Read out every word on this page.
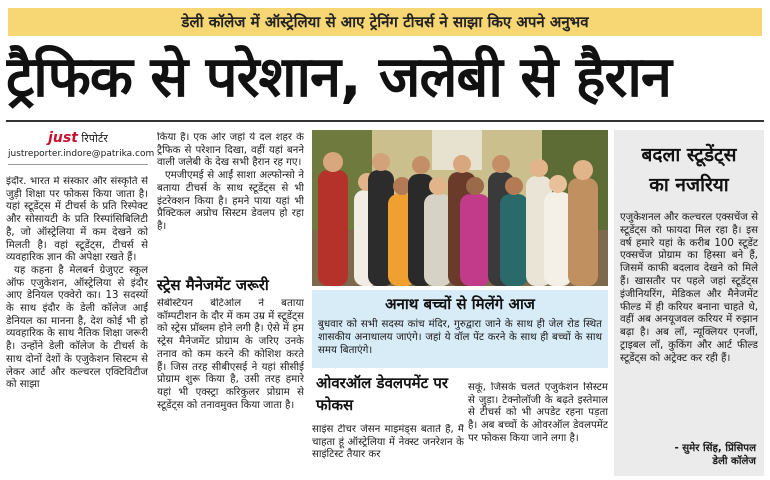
डेली कॉलेज में ऑस्ट्रेलिया से आए ट्रेनिंग टीचर्स ने साझा किए अपने अनुभव
ट्रैफिक से परेशान, जलेबी से हैरान
just रिपोर्टर
justreporter.indore@patrika.com

इंदौर. भारत में संस्कार और संस्कृति से जुड़ी शिक्षा पर फोकस किया जाता है। यहां स्टूडेंट्स में टीचर्स के प्रति रिस्पेक्ट और सोसायटी के प्रति रिस्पांसिबिलिटी है, जो ऑस्ट्रेलिया में कम देखने को मिलती है। वहां स्टूडेंट्स, टीचर्स से व्यवहारिक ज्ञान की अपेक्षा रखते हैं।

यह कहना है मेलबर्न ग्रेजुएट स्कूल ऑफ एजुकेशन, ऑस्ट्रेलिया से इंदौर आए डेनियल एक्वेरो का। 13 सदस्यों के साथ इंदौर के डेली कॉलेज आईं डेनियल का मानना है, देश कोई भी हो व्यवहारिक के साथ नैतिक शिक्षा जरूरी है। उन्होंने डेली कॉलेज के टीचर्स के साथ दोनों देशों के एजुकेशन सिस्टम से लेकर आर्ट और कल्चरल एक्टिविटीज को साझा

किया है। एक ओर जहां ये दल शहर के ट्रैफिक से परेशान दिखा, वहीं यहां बनने वाली जलेबी के देख सभी हैरान रह गए।

एमजीएमई से आईं साशा अल्फोन्सो ने बताया टीचर्स के साथ स्टूडेंट्स से भी इंटरेक्शन किया है। हमने पाया यहां भी प्रैक्टिकल अप्रोच सिस्टम डेवलप हो रहा है।

स्ट्रेस मैनेजमेंट जरूरी

सेबेस्टियन बेटिओल ने बताया कॉम्पटीशन के दौर में कम उम्र में स्टूडेंट्स को स्ट्रेस प्रॉब्लम होने लगी है। ऐसे में हम स्ट्रेस मैनेजमेंट प्रोग्राम के जरिए उनके तनाव को कम करने की कोशिश करते हैं। जिस तरह सीबीएसई ने यहां सीसीई प्रोग्राम शुरू किया है, उसी तरह हमारे यहां भी एक्स्ट्रा करिकुलर प्रोग्राम से स्टूडेंट्स को तनावमुक्त किया जाता है।

अनाथ बच्चों से मिलेंगे आज
बुधवार को सभी सदस्य कांच मंदिर, गुरुद्वारा जाने के साथ ही जेल रोड स्थित शासकीय अनाथालय जाएंगे। जहां ये वॉल पेंट करने के साथ ही बच्चों के साथ समय बिताएंगे।
ओवरऑल डेवलपमेंट पर फोकस

साइंस टीचर जेसन माइमंड्स बताते हैं, मैं चाहता हूं ऑस्ट्रेलिया में नेक्स्ट जनरेशन के साइंटिस्ट तैयार कर

सकूं, जिसके चलते एजुकेशन सिस्टम से जुड़ा। टेक्नोलॉजी के बढ़ते इस्तेमाल से टीचर्स को भी अपडेट रहना पड़ता है। अब बच्चों के ओवरऑल डेवलपमेंट पर फोकस किया जाने लगा है।

बदला स्टूडेंट्स
का नजरिया
एजुकेशनल और कल्चरल एक्सचेंज से स्टूडेंट्स को फायदा मिल रहा है। इस वर्ष हमारे यहां के करीब 100 स्टूडेंट एक्सचेंज प्रोग्राम का हिस्सा बने हैं, जिसमें काफी बदलाव देखने को मिले हैं। खासतौर पर पहले जहां स्टूडेंट्स इंजीनियरिंग, मेडिकल और मैनेजमेंट फील्ड में ही करियर बनाना चाहते थे, वहीं अब अनयूजवल करियर में रुझान बढ़ा है। अब लॉ, न्यूक्लियर एनर्जी, ट्राइबल लॉ, कुकिंग और आर्ट फील्ड स्टूडेंट्स को अट्रेक्ट कर रही हैं।
- सुमेर सिंह, प्रिंसिपल
डेली कॉलेज
